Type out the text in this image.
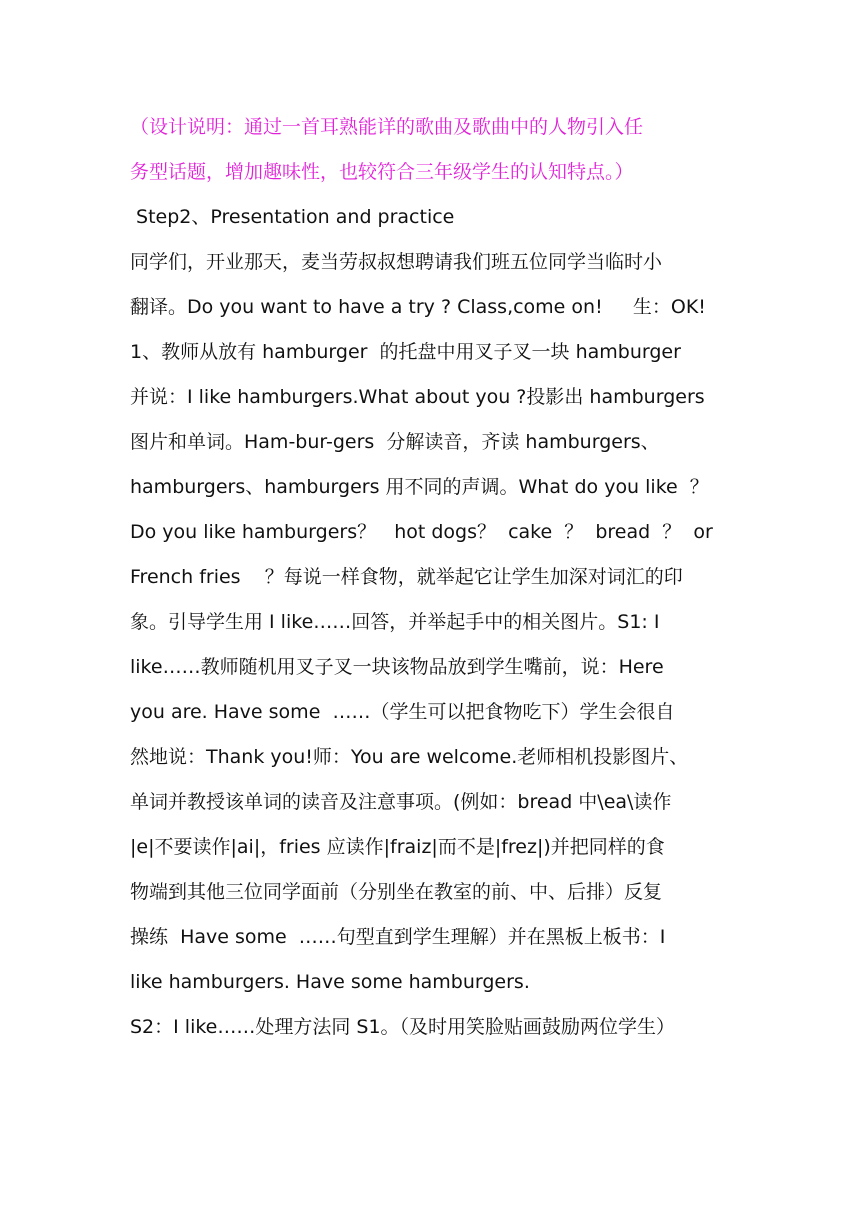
（设计说明：通过一首耳熟能详的歌曲及歌曲中的人物引入任
务型话题，增加趣味性，也较符合三年级学生的认知特点。）
Step2、Presentation and practice
同学们，开业那天，麦当劳叔叔想聘请我们班五位同学当临时小
翻译。Do you want to have a try ? Class,come on!     生：OK!
1、教师从放有 hamburger  的托盘中用叉子叉一块 hamburger
并说：I like hamburgers.What about you ?投影出 hamburgers
图片和单词。Ham-bur-gers  分解读音，齐读 hamburgers、
hamburgers、hamburgers 用不同的声调。What do you like  ？
Do you like hamburgers？   hot dogs？  cake  ？  bread  ？  or
French fries    ？每说一样食物，就举起它让学生加深对词汇的印
象。引导学生用 I like……回答，并举起手中的相关图片。S1: I
like……教师随机用叉子叉一块该物品放到学生嘴前，说：Here
you are. Have some  ……（学生可以把食物吃下）学生会很自
然地说：Thank you!师：You are welcome.老师相机投影图片、
单词并教授该单词的读音及注意事项。(例如：bread 中\ea\读作
|e|不要读作|ai|，fries 应读作|fraiz|而不是|frez|)并把同样的食
物端到其他三位同学面前（分别坐在教室的前、中、后排）反复
操练  Have some  ……句型直到学生理解）并在黑板上板书：I
like hamburgers. Have some hamburgers.
S2：I like……处理方法同 S1。（及时用笑脸贴画鼓励两位学生）
